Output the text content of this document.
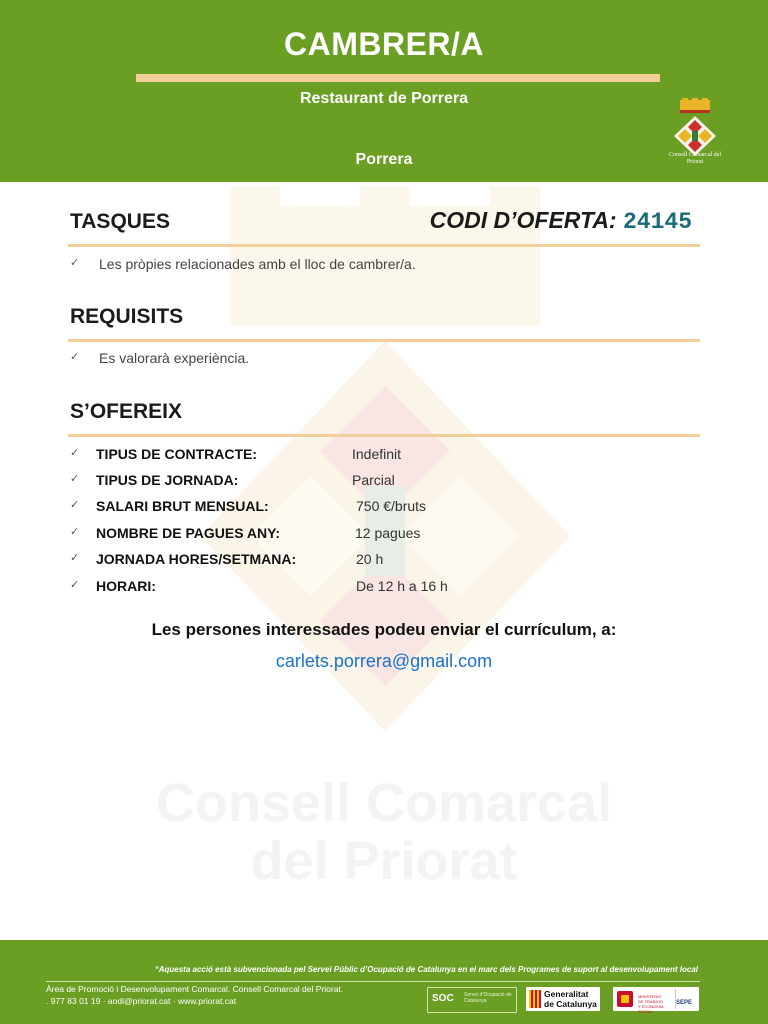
CAMBRER/A
Restaurant de Porrera
Porrera	Consell Comarcal del
Priorat
Consell Comarcal
del Priorat
TASQUES	CODI D’OFERTA: 24145
✓ Les pròpies relacionades amb el lloc de cambrer/a.
REQUISITS
✓ Es valorarà experiència.
S’OFEREIX
✓ TIPUS DE CONTRACTE:	Indefinit
✓ TIPUS DE JORNADA:	Parcial
✓ SALARI BRUT MENSUAL:	750 €/bruts
✓ NOMBRE DE PAGUES ANY:	12 pagues
✓ JORNADA HORES/SETMANA:	20 h
✓ HORARI:	De 12 h a 16 h
Les persones interessades podeu enviar el currículum, a:
carlets.porrera@gmail.com
“Aquesta acció està subvencionada pel Servei Públic d’Ocupació de Catalunya en el marc dels Programes de suport al desenvolupament local
Àrea de Promoció i Desenvolupament Comarcal. Consell Comarcal del Priorat.
. 977 83 01 19 · aodl@priorat.cat · www.priorat.cat	SOC Servei d’Ocupació de Catalunya
Generalitat
de Catalunya
MINISTERIO DE TRABAJO Y ECONOMÍA SOCIAL
SEPE
